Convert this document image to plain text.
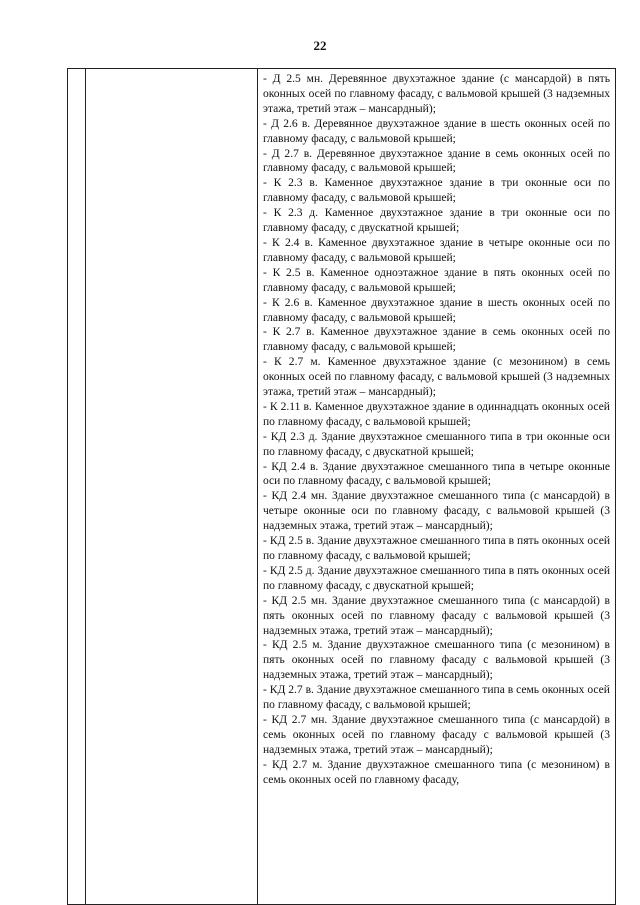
22

- Д 2.5 мн. Деревянное двухэтажное здание (с мансардой) в пять оконных осей по главному фасаду, с вальмовой крышей (3 надземных этажа, третий этаж – мансардный);
- Д 2.6 в. Деревянное двухэтажное здание в шесть оконных осей по главному фасаду, с вальмовой крышей;
- Д 2.7 в. Деревянное двухэтажное здание в семь оконных осей по главному фасаду, с вальмовой крышей;
- К 2.3 в. Каменное двухэтажное здание в три оконные оси по главному фасаду, с вальмовой крышей;
- К 2.3 д. Каменное двухэтажное здание в три оконные оси по главному фасаду, с двускатной крышей;
- К 2.4 в. Каменное двухэтажное здание в четыре оконные оси по главному фасаду, с вальмовой крышей;
- К 2.5 в. Каменное одноэтажное здание в пять оконных осей по главному фасаду, с вальмовой крышей;
- К 2.6 в. Каменное двухэтажное здание в шесть оконных осей по главному фасаду, с вальмовой крышей;
- К 2.7 в. Каменное двухэтажное здание в семь оконных осей по главному фасаду, с вальмовой крышей;
- К 2.7 м. Каменное двухэтажное здание (с мезонином) в семь оконных осей по главному фасаду, с вальмовой крышей (3 надземных этажа, третий этаж – мансардный);
- К 2.11 в. Каменное двухэтажное здание в одиннадцать оконных осей по главному фасаду, с вальмовой крышей;
- КД 2.3 д. Здание двухэтажное смешанного типа в три оконные оси по главному фасаду, с двускатной крышей;
- КД 2.4 в. Здание двухэтажное смешанного типа в четыре оконные оси по главному фасаду, с вальмовой крышей;
- КД 2.4 мн. Здание двухэтажное смешанного типа (с мансардой) в четыре оконные оси по главному фасаду, с вальмовой крышей (3 надземных этажа, третий этаж – мансардный);
- КД 2.5 в. Здание двухэтажное смешанного типа в пять оконных осей по главному фасаду, с вальмовой крышей;
- КД 2.5 д. Здание двухэтажное смешанного типа в пять оконных осей по главному фасаду, с двускатной крышей;
- КД 2.5 мн. Здание двухэтажное смешанного типа (с мансардой) в пять оконных осей по главному фасаду с вальмовой крышей (3 надземных этажа, третий этаж – мансардный);
- КД 2.5 м. Здание двухэтажное смешанного типа (с мезонином) в пять оконных осей по главному фасаду с вальмовой крышей (3 надземных этажа, третий этаж – мансардный);
- КД 2.7 в. Здание двухэтажное смешанного типа в семь оконных осей по главному фасаду, с вальмовой крышей;
- КД 2.7 мн. Здание двухэтажное смешанного типа (с мансардой) в семь оконных осей по главному фасаду с вальмовой крышей (3 надземных этажа, третий этаж – мансардный);
- КД 2.7 м. Здание двухэтажное смешанного типа (с мезонином) в семь оконных осей по главному фасаду,
